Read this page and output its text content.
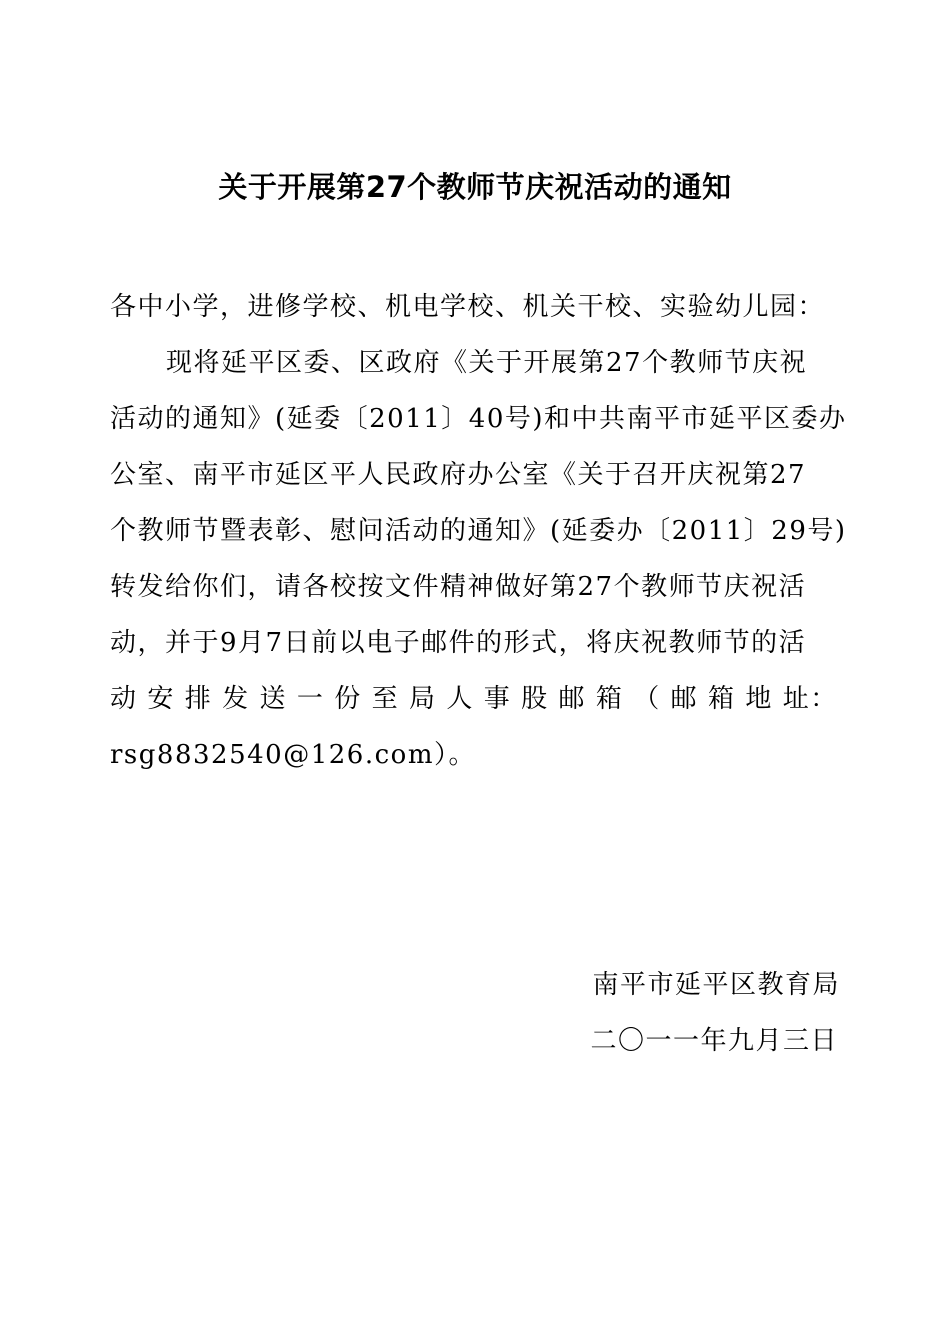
关于开展第27个教师节庆祝活动的通知

各中小学，进修学校、机电学校、机关干校、实验幼儿园：

现将延平区委、区政府《关于开展第27个教师节庆祝
活动的通知》(延委〔2011〕40号)和中共南平市延平区委办
公室、南平市延区平人民政府办公室《关于召开庆祝第27
个教师节暨表彰、慰问活动的通知》(延委办〔2011〕29号)
转发给你们，请各校按文件精神做好第27个教师节庆祝活
动，并于9月7日前以电子邮件的形式，将庆祝教师节的活
动 安 排 发 送 一 份 至 局 人 事 股 邮 箱 （ 邮 箱 地 址：
rsg8832540@126.com）。

南平市延平区教育局

二〇一一年九月三日
